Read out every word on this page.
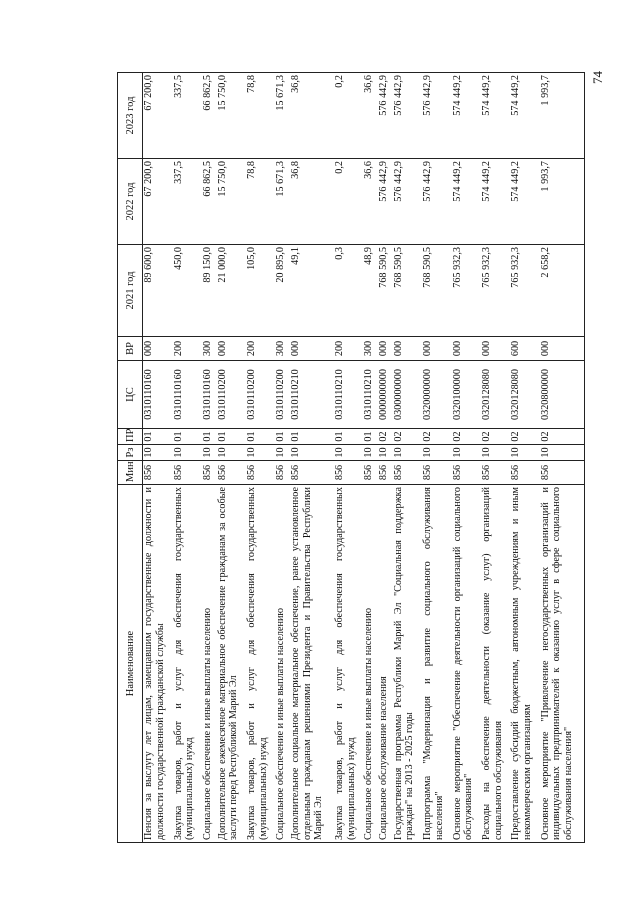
74
Наименование	Мин	Рз	ПР	ЦС	ВР	2021 год	2022 год	2023 год
Пенсия за выслугу лет лицам, замещавшим государственные должности и должности государственной гражданской службы	856	10	01	0310110160	000	89 600,0	67 200,0	67 200,0
Закупка товаров, работ и услуг для обеспечения государственных (муниципальных) нужд	856	10	01	0310110160	200	450,0	337,5	337,5
Социальное обеспечение и иные выплаты населению	856	10	01	0310110160	300	89 150,0	66 862,5	66 862,5
Дополнительное ежемесячное материальное обеспечение гражданам за особые заслуги перед Республикой Марий Эл	856	10	01	0310110200	000	21 000,0	15 750,0	15 750,0
Закупка товаров, работ и услуг для обеспечения государственных (муниципальных) нужд	856	10	01	0310110200	200	105,0	78,8	78,8
Социальное обеспечение и иные выплаты населению	856	10	01	0310110200	300	20 895,0	15 671,3	15 671,3
Дополнительное социальное материальное обеспечение, ранее установленное отдельным гражданам решениями Президента и Правительства Республики Марий Эл	856	10	01	0310110210	000	49,1	36,8	36,8
Закупка товаров, работ и услуг для обеспечения государственных (муниципальных) нужд	856	10	01	0310110210	200	0,3	0,2	0,2
Социальное обеспечение и иные выплаты населению	856	10	01	0310110210	300	48,9	36,6	36,6
Социальное обслуживание населения	856	10	02	0000000000	000	768 590,5	576 442,9	576 442,9
Государственная программа Республики Марий Эл "Социальная поддержка граждан" на 2013 - 2025 годы	856	10	02	0300000000	000	768 590,5	576 442,9	576 442,9
Подпрограмма "Модернизация и развитие социального обслуживания населения"	856	10	02	0320000000	000	768 590,5	576 442,9	576 442,9
Основное мероприятие "Обеспечение деятельности организаций социального обслуживания"	856	10	02	0320100000	000	765 932,3	574 449,2	574 449,2
Расходы на обеспечение деятельности (оказание услуг) организаций социального обслуживания	856	10	02	0320128080	000	765 932,3	574 449,2	574 449,2
Предоставление субсидий бюджетным, автономным учреждениям и иным некоммерческим организациям	856	10	02	0320128080	600	765 932,3	574 449,2	574 449,2
Основное мероприятие "Привлечение негосударственных организаций и индивидуальных предпринимателей к оказанию услуг в сфере социального обслуживания населения"	856	10	02	0320800000	000	2 658,2	1 993,7	1 993,7
